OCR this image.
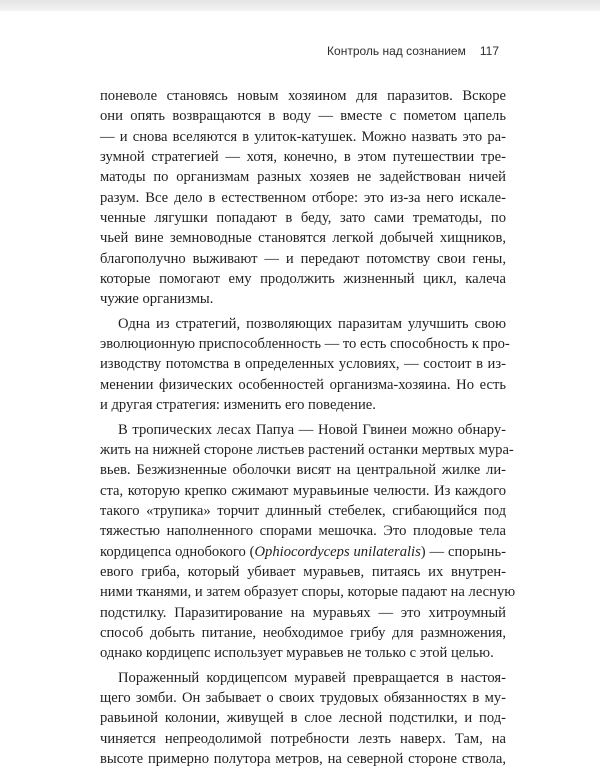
Контроль над сознанием 117
поневоле становясь новым хозяином для паразитов. Вскоре
они опять возвращаются в воду — вместе с пометом цапель
— и снова вселяются в улиток-катушек. Можно назвать это ра-
зумной стратегией — хотя, конечно, в этом путешествии тре-
матоды по организмам разных хозяев не задействован ничей
разум. Все дело в естественном отборе: это из-за него искале-
ченные лягушки попадают в беду, зато сами трематоды, по
чьей вине земноводные становятся легкой добычей хищников,
благополучно выживают — и передают потомству свои гены,
которые помогают ему продолжить жизненный цикл, калеча
чужие организмы.
Одна из стратегий, позволяющих паразитам улучшить свою
эволюционную приспособленность — то есть способность к про-
изводству потомства в определенных условиях, — состоит в из-
менении физических особенностей организма-хозяина. Но есть
и другая стратегия: изменить его поведение.
В тропических лесах Папуа — Новой Гвинеи можно обнару-
жить на нижней стороне листьев растений останки мертвых мура-
вьев. Безжизненные оболочки висят на центральной жилке ли-
ста, которую крепко сжимают муравьиные челюсти. Из каждого
такого «трупика» торчит длинный стебелек, сгибающийся под
тяжестью наполненного спорами мешочка. Это плодовые тела
кордицепса однобокого (Ophiocordyceps unilateralis) — спорынь-
евого гриба, который убивает муравьев, питаясь их внутрен-
ними тканями, и затем образует споры, которые падают на лесную
подстилку. Паразитирование на муравьях — это хитроумный
способ добыть питание, необходимое грибу для размножения,
однако кордицепс использует муравьев не только с этой целью.
Пораженный кордицепсом муравей превращается в настоя-
щего зомби. Он забывает о своих трудовых обязанностях в му-
равьиной колонии, живущей в слое лесной подстилки, и под-
чиняется непреодолимой потребности лезть наверх. Там, на
высоте примерно полутора метров, на северной стороне ствола,
